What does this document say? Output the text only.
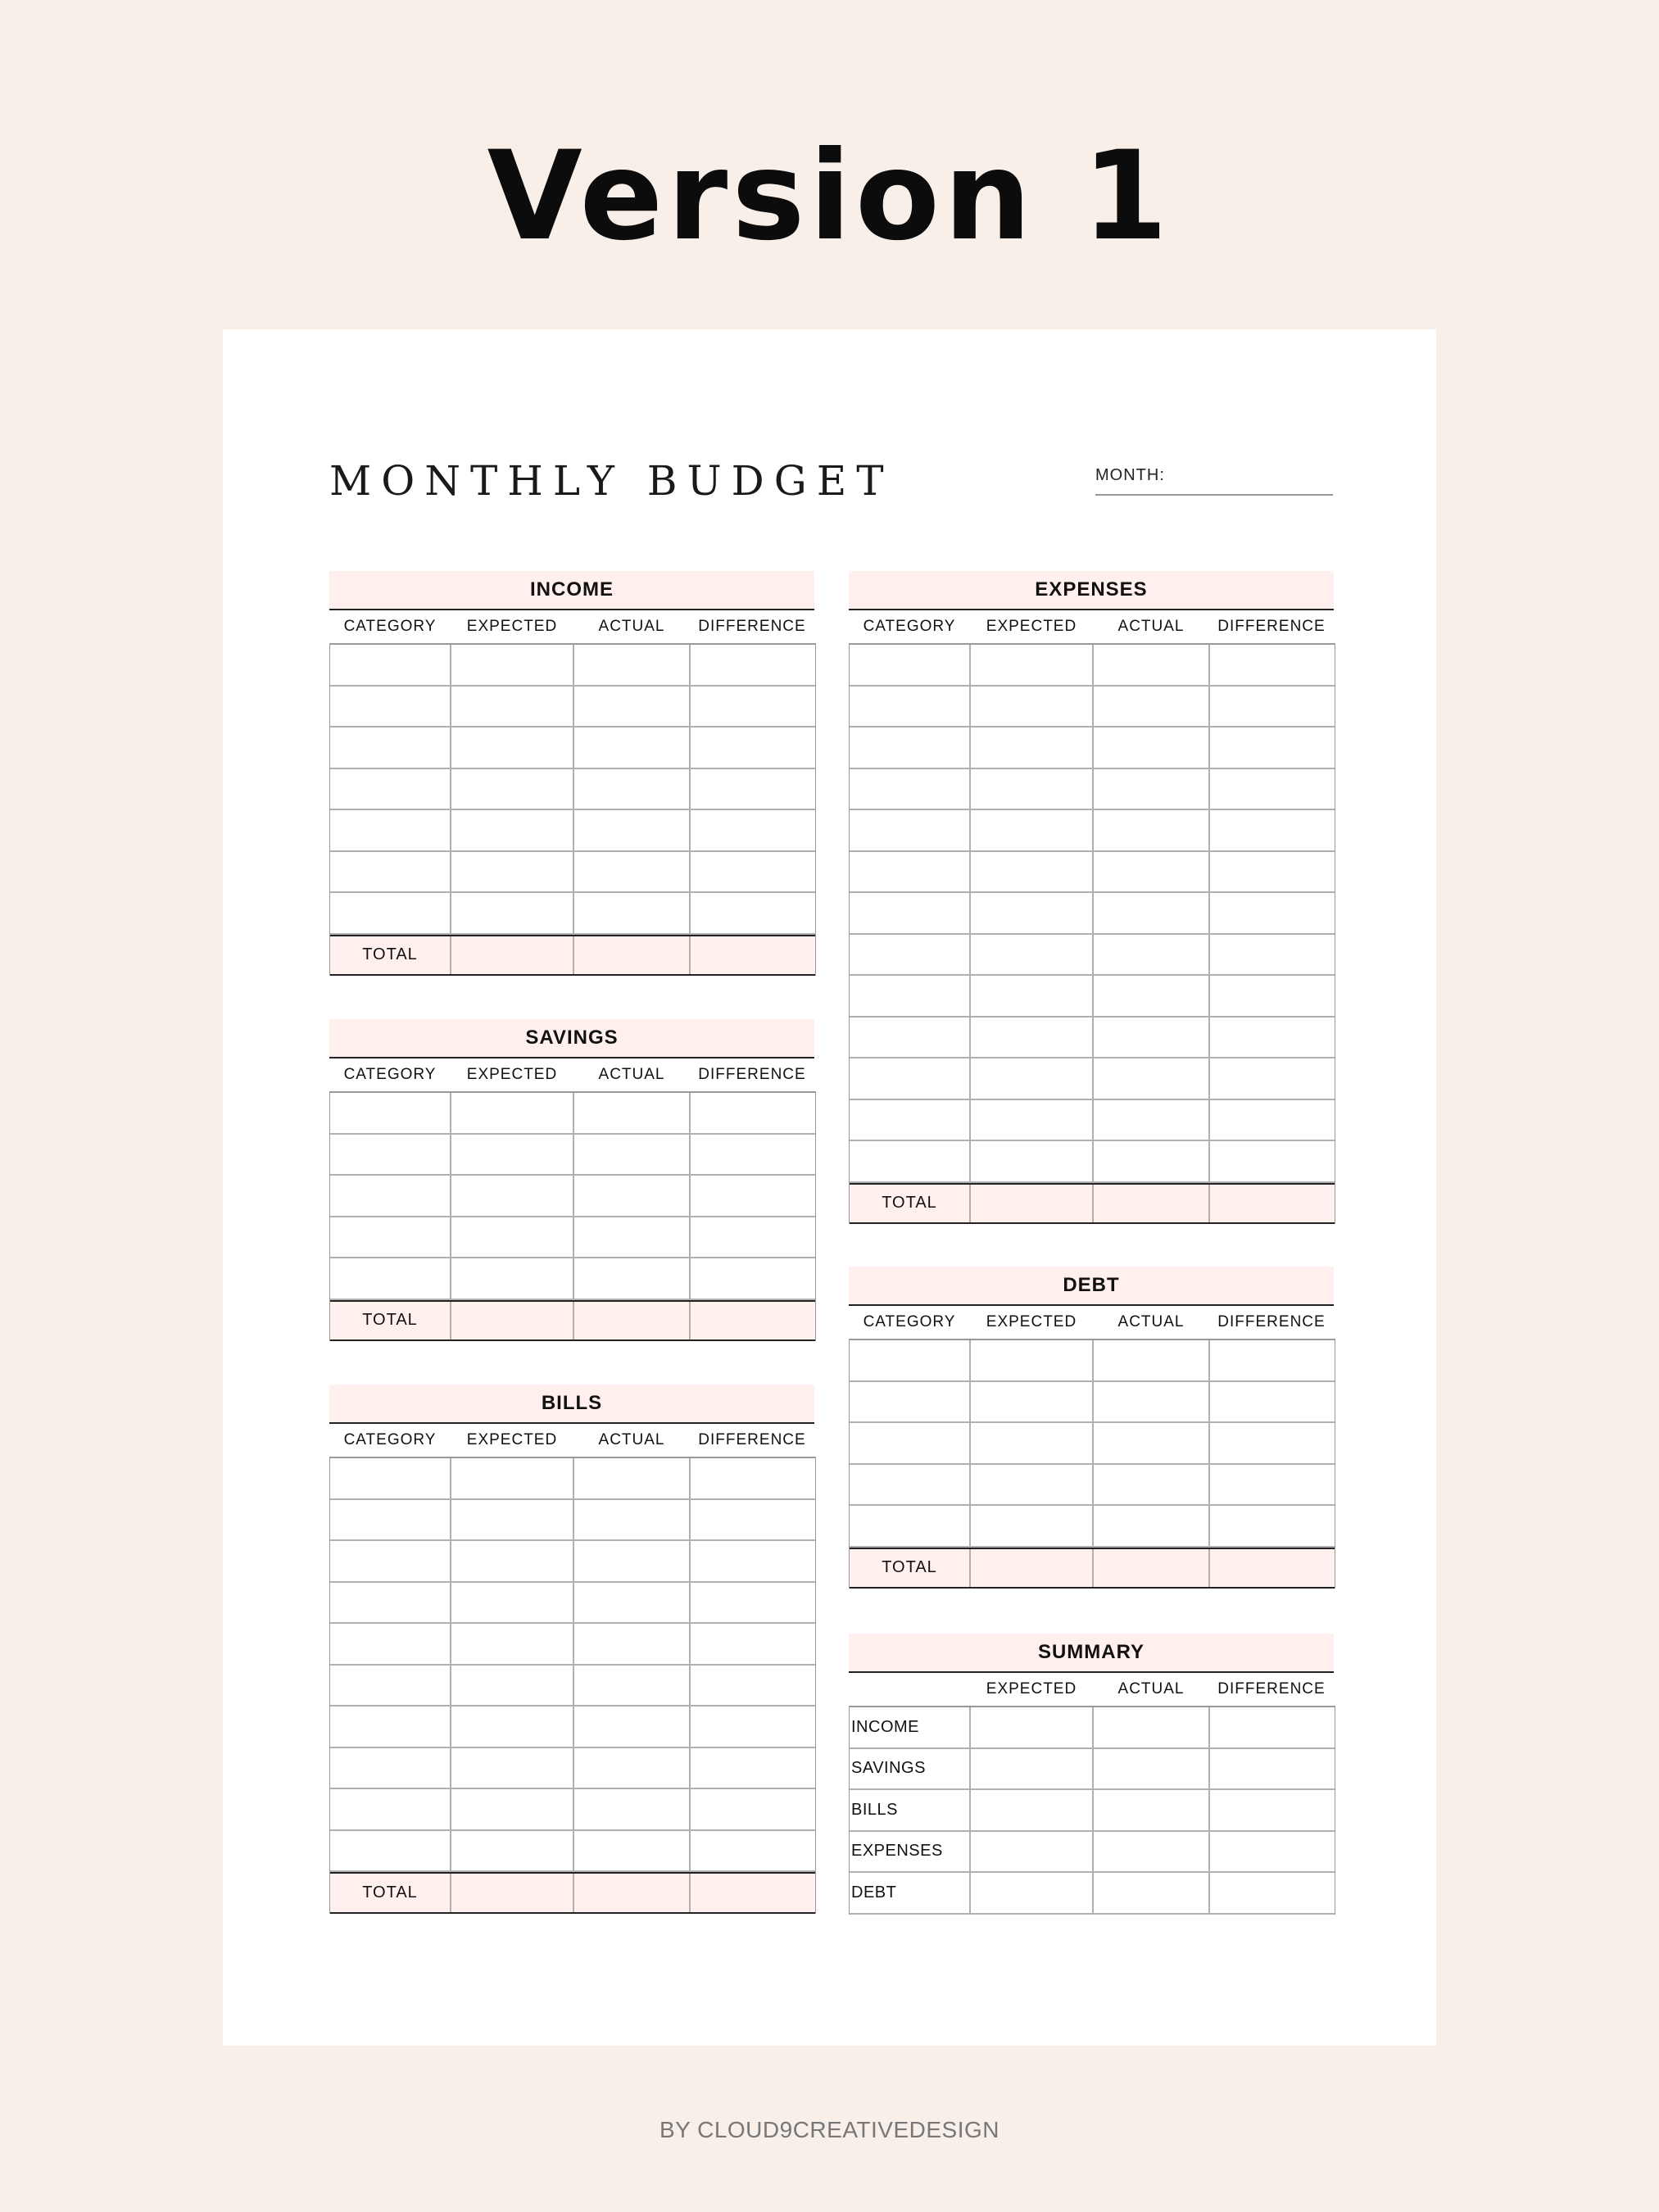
Version 1
MONTHLY BUDGET	MONTH:
INCOME
CATEGORY	EXPECTED	ACTUAL	DIFFERENCE
TOTAL
SAVINGS
CATEGORY	EXPECTED	ACTUAL	DIFFERENCE
TOTAL
BILLS
CATEGORY	EXPECTED	ACTUAL	DIFFERENCE
TOTAL
EXPENSES
CATEGORY	EXPECTED	ACTUAL	DIFFERENCE
TOTAL
DEBT
CATEGORY	EXPECTED	ACTUAL	DIFFERENCE
TOTAL
SUMMARY
EXPECTED	ACTUAL	DIFFERENCE
INCOME
SAVINGS
BILLS
EXPENSES
DEBT
BY CLOUD9CREATIVEDESIGN
